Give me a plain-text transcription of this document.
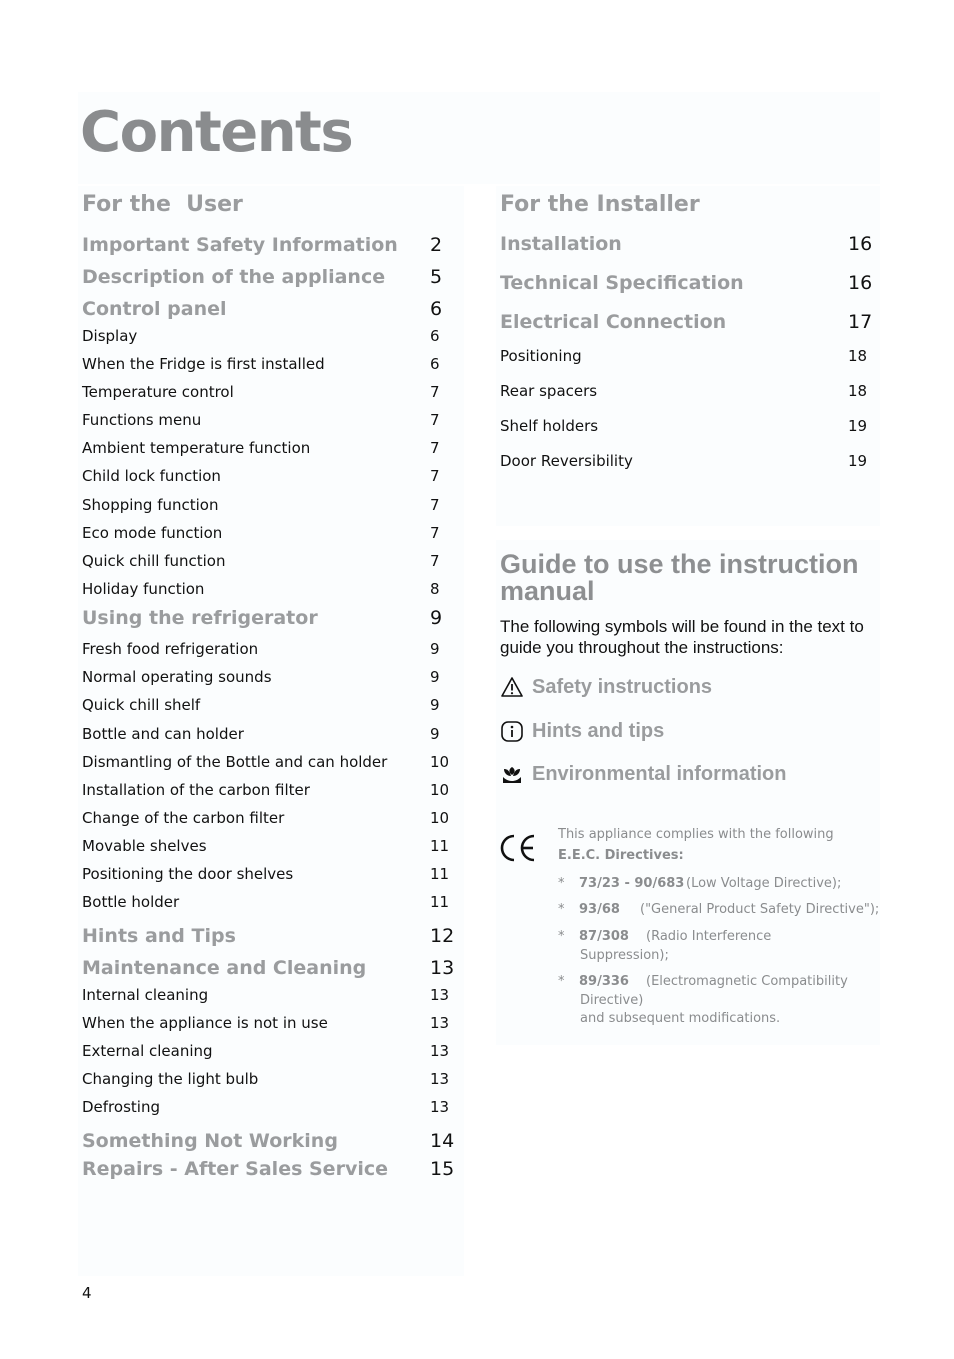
Contents
For the  User
Important Safety Information 2
Description of the appliance 5
Control panel	6
Display	6
When the Fridge is first installed	6
Temperature control	7
Functions menu	7
Ambient temperature function	7
Child lock function	7
Shopping function	7
Eco mode function	7
Quick chill function	7
Holiday function	8
Using the refrigerator	9
Fresh food refrigeration	9
Normal operating sounds	9
Quick chill shelf	9
Bottle and can holder	9
Dismantling of the Bottle and can holder	10
Installation of the carbon filter	10
Change of the carbon filter	10
Movable shelves	11
Positioning the door shelves	11
Bottle holder	11
Hints and Tips	12
Maintenance and Cleaning	13
Internal cleaning	13
When the appliance is not in use	13
External cleaning	13
Changing the light bulb	13
Defrosting	13
Something Not Working	14
Repairs - After Sales Service 15
For the Installer
Installation	16
Technical Specification	16
Electrical Connection	17
Positioning	18
Rear spacers	18
Shelf holders	19
Door Reversibility	19
Guide to use the instruction manual
The following symbols will be found in the text to guide you throughout the instructions:
Safety instructions
Hints and tips
Environmental information
This appliance complies with the following
E.E.C. Directives:
* 73/23 - 90/683 (Low Voltage Directive);
* 93/68 ("General Product Safety Directive");
* 87/308 (Radio Interference
Suppression);
* 89/336 (Electromagnetic Compatibility
Directive)
and subsequent modifications.
4
